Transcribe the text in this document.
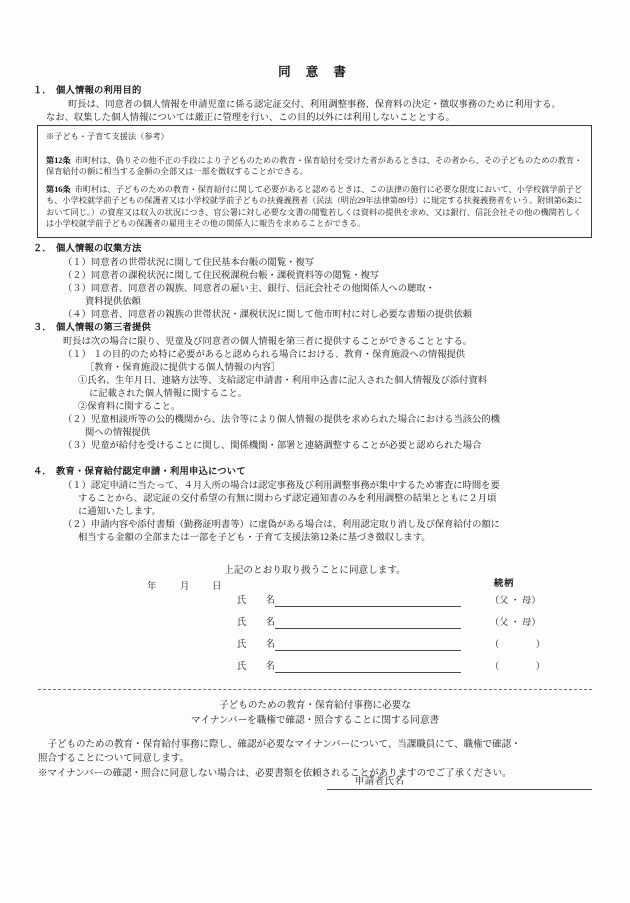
同 意 書
１． 個人情報の利用目的
町長は、同意者の個人情報を申請児童に係る認定証交付、利用調整事務、保育料の決定・徴収事務のために利用する。
なお、収集した個人情報については厳正に管理を行い、この目的以外には利用しないこととする。
※子ども・子育て支援法（参考）
第12条 市町村は、偽りその他不正の手段により子どものための教育・保育給付を受けた者があるときは、その者から、その子どものための教育・保育給付の額に相当する金額の全部又は一部を徴収することができる。
第16条 市町村は、子どものための教育・保育給付に関して必要があると認めるときは、この法律の施行に必要な限度において、小学校就学前子ども、小学校就学前子どもの保護者又は小学校就学前子どもの扶養義務者（民法（明治29年法律第89号）に規定する扶養義務者をいう。附則第6条において同じ。）の資産又は収入の状況につき、官公署に対し必要な文書の閲覧若しくは資料の提供を求め、又は銀行、信託会社その他の機関若しくは小学校就学前子どもの保護者の雇用主その他の関係人に報告を求めることができる。
２． 個人情報の収集方法
（１）同意者の世帯状況に関して住民基本台帳の閲覧・複写
（２）同意者の課税状況に関して住民税課税台帳・課税資料等の閲覧・複写
（３）同意者、同意者の親族、同意者の雇い主、銀行、信託会社その他関係人への聴取・
資料提供依頼
（４）同意者、同意者の親族の世帯状況・課税状況に関して他市町村に対し必要な書類の提供依頼
３． 個人情報の第三者提供
町長は次の場合に限り、児童及び同意者の個人情報を第三者に提供することができることとする。
（１） １の目的のため特に必要があると認められる場合における、教育・保育施設への情報提供
［教育・保育施設に提供する個人情報の内容］
①氏名、生年月日、連絡方法等、支給認定申請書・利用申込書に記入された個人情報及び添付資料
に記載された個人情報に関すること。
②保育料に関すること。
（２）児童相談所等の公的機関から、法令等により個人情報の提供を求められた場合における当該公的機
関への情報提供
（３）児童が給付を受けることに関し、関係機関・部署と連絡調整することが必要と認められた場合
４． 教育・保育給付認定申請・利用申込について
（１）認定申請に当たって、４月入所の場合は認定事務及び利用調整事務が集中するため審査に時間を要
することから、認定証の交付希望の有無に関わらず認定通知書のみを利用調整の結果とともに２月頃
に通知いたします。
（２）申請内容や添付書類（勤務証明書等）に虚偽がある場合は、利用認定取り消し及び保育給付の額に
相当する金額の全部または一部を子ども・子育て支援法第12条に基づき徴収します。
上記のとおり取り扱うことに同意します。
年	月 日	続柄
氏　名	（父 ・ 母）
氏　名	（父 ・ 母）
氏　名	（　　　　）
氏　名	（　　　　）
子どものための教育・保育給付事務に必要な
マイナンバーを職権で確認・照合することに関する同意書
　子どものための教育・保育給付事務に際し、確認が必要なマイナンバーについて、当課職員にて、職権で確認・
照合することについて同意します。
※マイナンバーの確認・照合に同意しない場合は、必要書類を依頼されることがありますのでご了承ください。
申請者氏名
